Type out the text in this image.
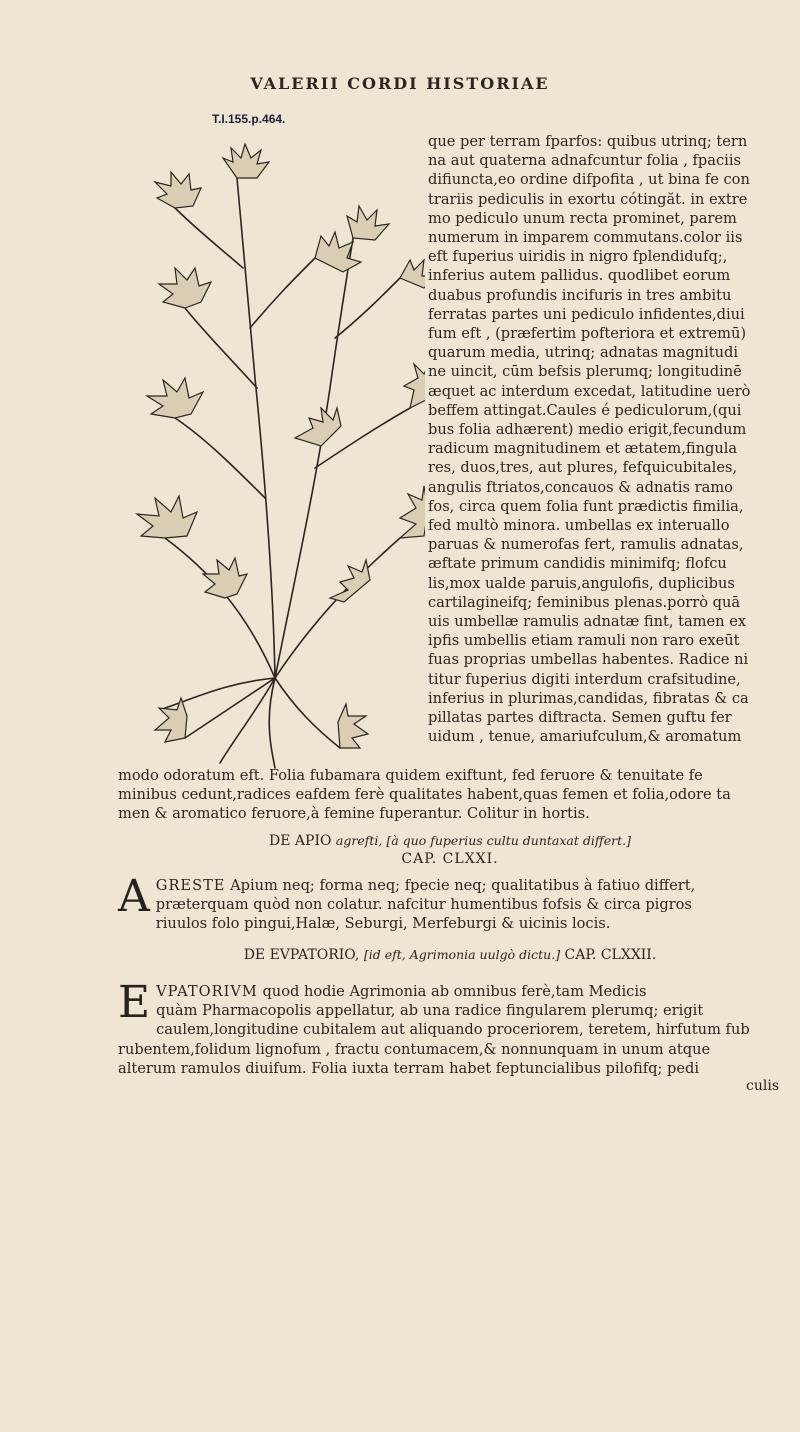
VALERII CORDI HISTORIAE
T.I.155.p.464.
que per terram fparfos: quibus utrinq; tern
na aut quaterna adnafcuntur folia , fpaciis
difiuncta,eo ordine difpofita , ut bina fe con
trariis pediculis in exortu cótingăt. in extre
mo pediculo unum recta prominet, parem
numerum in imparem commutans.color iis
eft fuperius uiridis in nigro fplendidufq;,
inferius autem pallidus. quodlibet eorum
duabus profundis incifuris in tres ambitu
ferratas partes uni pediculo infidentes,diui
fum eft , (præfertim pofteriora et extremū)
quarum media, utrinq; adnatas magnitudi
ne uincit, cūm befsis plerumq; longitudinē
æquet ac interdum excedat, latitudine uerò
beffem attingat.Caules é pediculorum,(qui
bus folia adhærent) medio erigit,fecundum
radicum magnitudinem et ætatem,fingula
res, duos,tres, aut plures, fefquicubitales,
angulis ftriatos,concauos & adnatis ramo
fos, circa quem folia funt prædictis fimilia,
fed multò minora. umbellas ex interuallo
paruas & numerofas fert, ramulis adnatas,
æftate primum candidis minimifq; flofcu
lis,mox ualde paruis,angulofis, duplicibus
cartilagineifq; feminibus plenas.porrò quā
uis umbellæ ramulis adnatæ fint, tamen ex
ipfis umbellis etiam ramuli non raro exeūt
fuas proprias umbellas habentes. Radice ni
titur fuperius digiti interdum crafsitudine,
inferius in plurimas,candidas, fibratas & ca
pillatas partes diftracta. Semen guftu fer
uidum , tenue, amariufculum,& aromatum
modo odoratum eft. Folia fubamara quidem exiftunt, fed feruore & tenuitate fe
minibus cedunt,radices eafdem ferè qualitates habent,quas femen et folia,odore ta
men & aromatico feruore,à femine fuperantur. Colitur in hortis.
DE APIO agrefti, [à quo fuperius cultu duntaxat differt.]
CAP. CLXXI.
A GRESTE Apium neq; forma neq; fpecie neq; qualitatibus à fatiuo differt,
præterquam quòd non colatur. nafcitur humentibus fofsis & circa pigros
riuulos folo pingui,Halæ, Seburgi, Merfeburgi & uicinis locis.
DE EVPATORIO, [id eft, Agrimonia uulgò dictu.] CAP. CLXXII.
E VPATORIVM quod hodie Agrimonia ab omnibus ferè,tam Medicis
quàm Pharmacopolis appellatur, ab una radice fingularem plerumq; erigit
caulem,longitudine cubitalem aut aliquando proceriorem, teretem, hirfutum fub
rubentem,folidum lignofum , fractu contumacem,& nonnunquam in unum atque
alterum ramulos diuifum. Folia iuxta terram habet feptuncialibus pilofifq; pedi
culis
